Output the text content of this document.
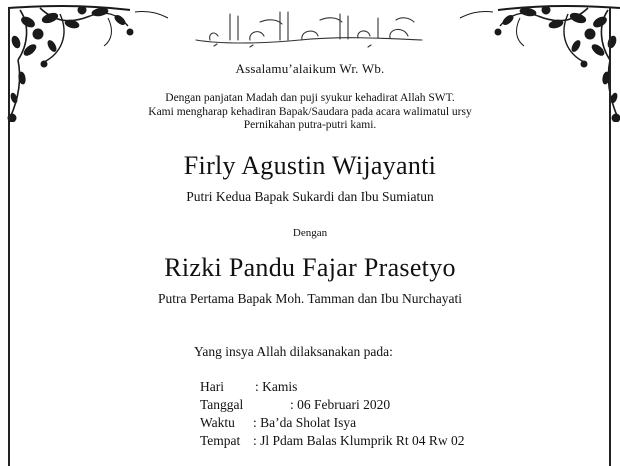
Assalamu’alaikum Wr. Wb.
Dengan panjatan Madah dan puji syukur kehadirat Allah SWT.
Kami mengharap kehadiran Bapak/Saudara pada acara walimatul ursy
Pernikahan putra-putri kami.
Firly Agustin Wijayanti
Putri Kedua Bapak Sukardi dan Ibu Sumiatun
Dengan
Rizki Pandu Fajar Prasetyo
Putra Pertama Bapak Moh. Tamman dan Ibu Nurchayati
Yang insya Allah dilaksanakan pada:
Hari : Kamis
Tanggal	: 06 Februari 2020
Waktu : Ba’da Sholat Isya
Tempat : Jl Pdam Balas Klumprik Rt 04 Rw 02
